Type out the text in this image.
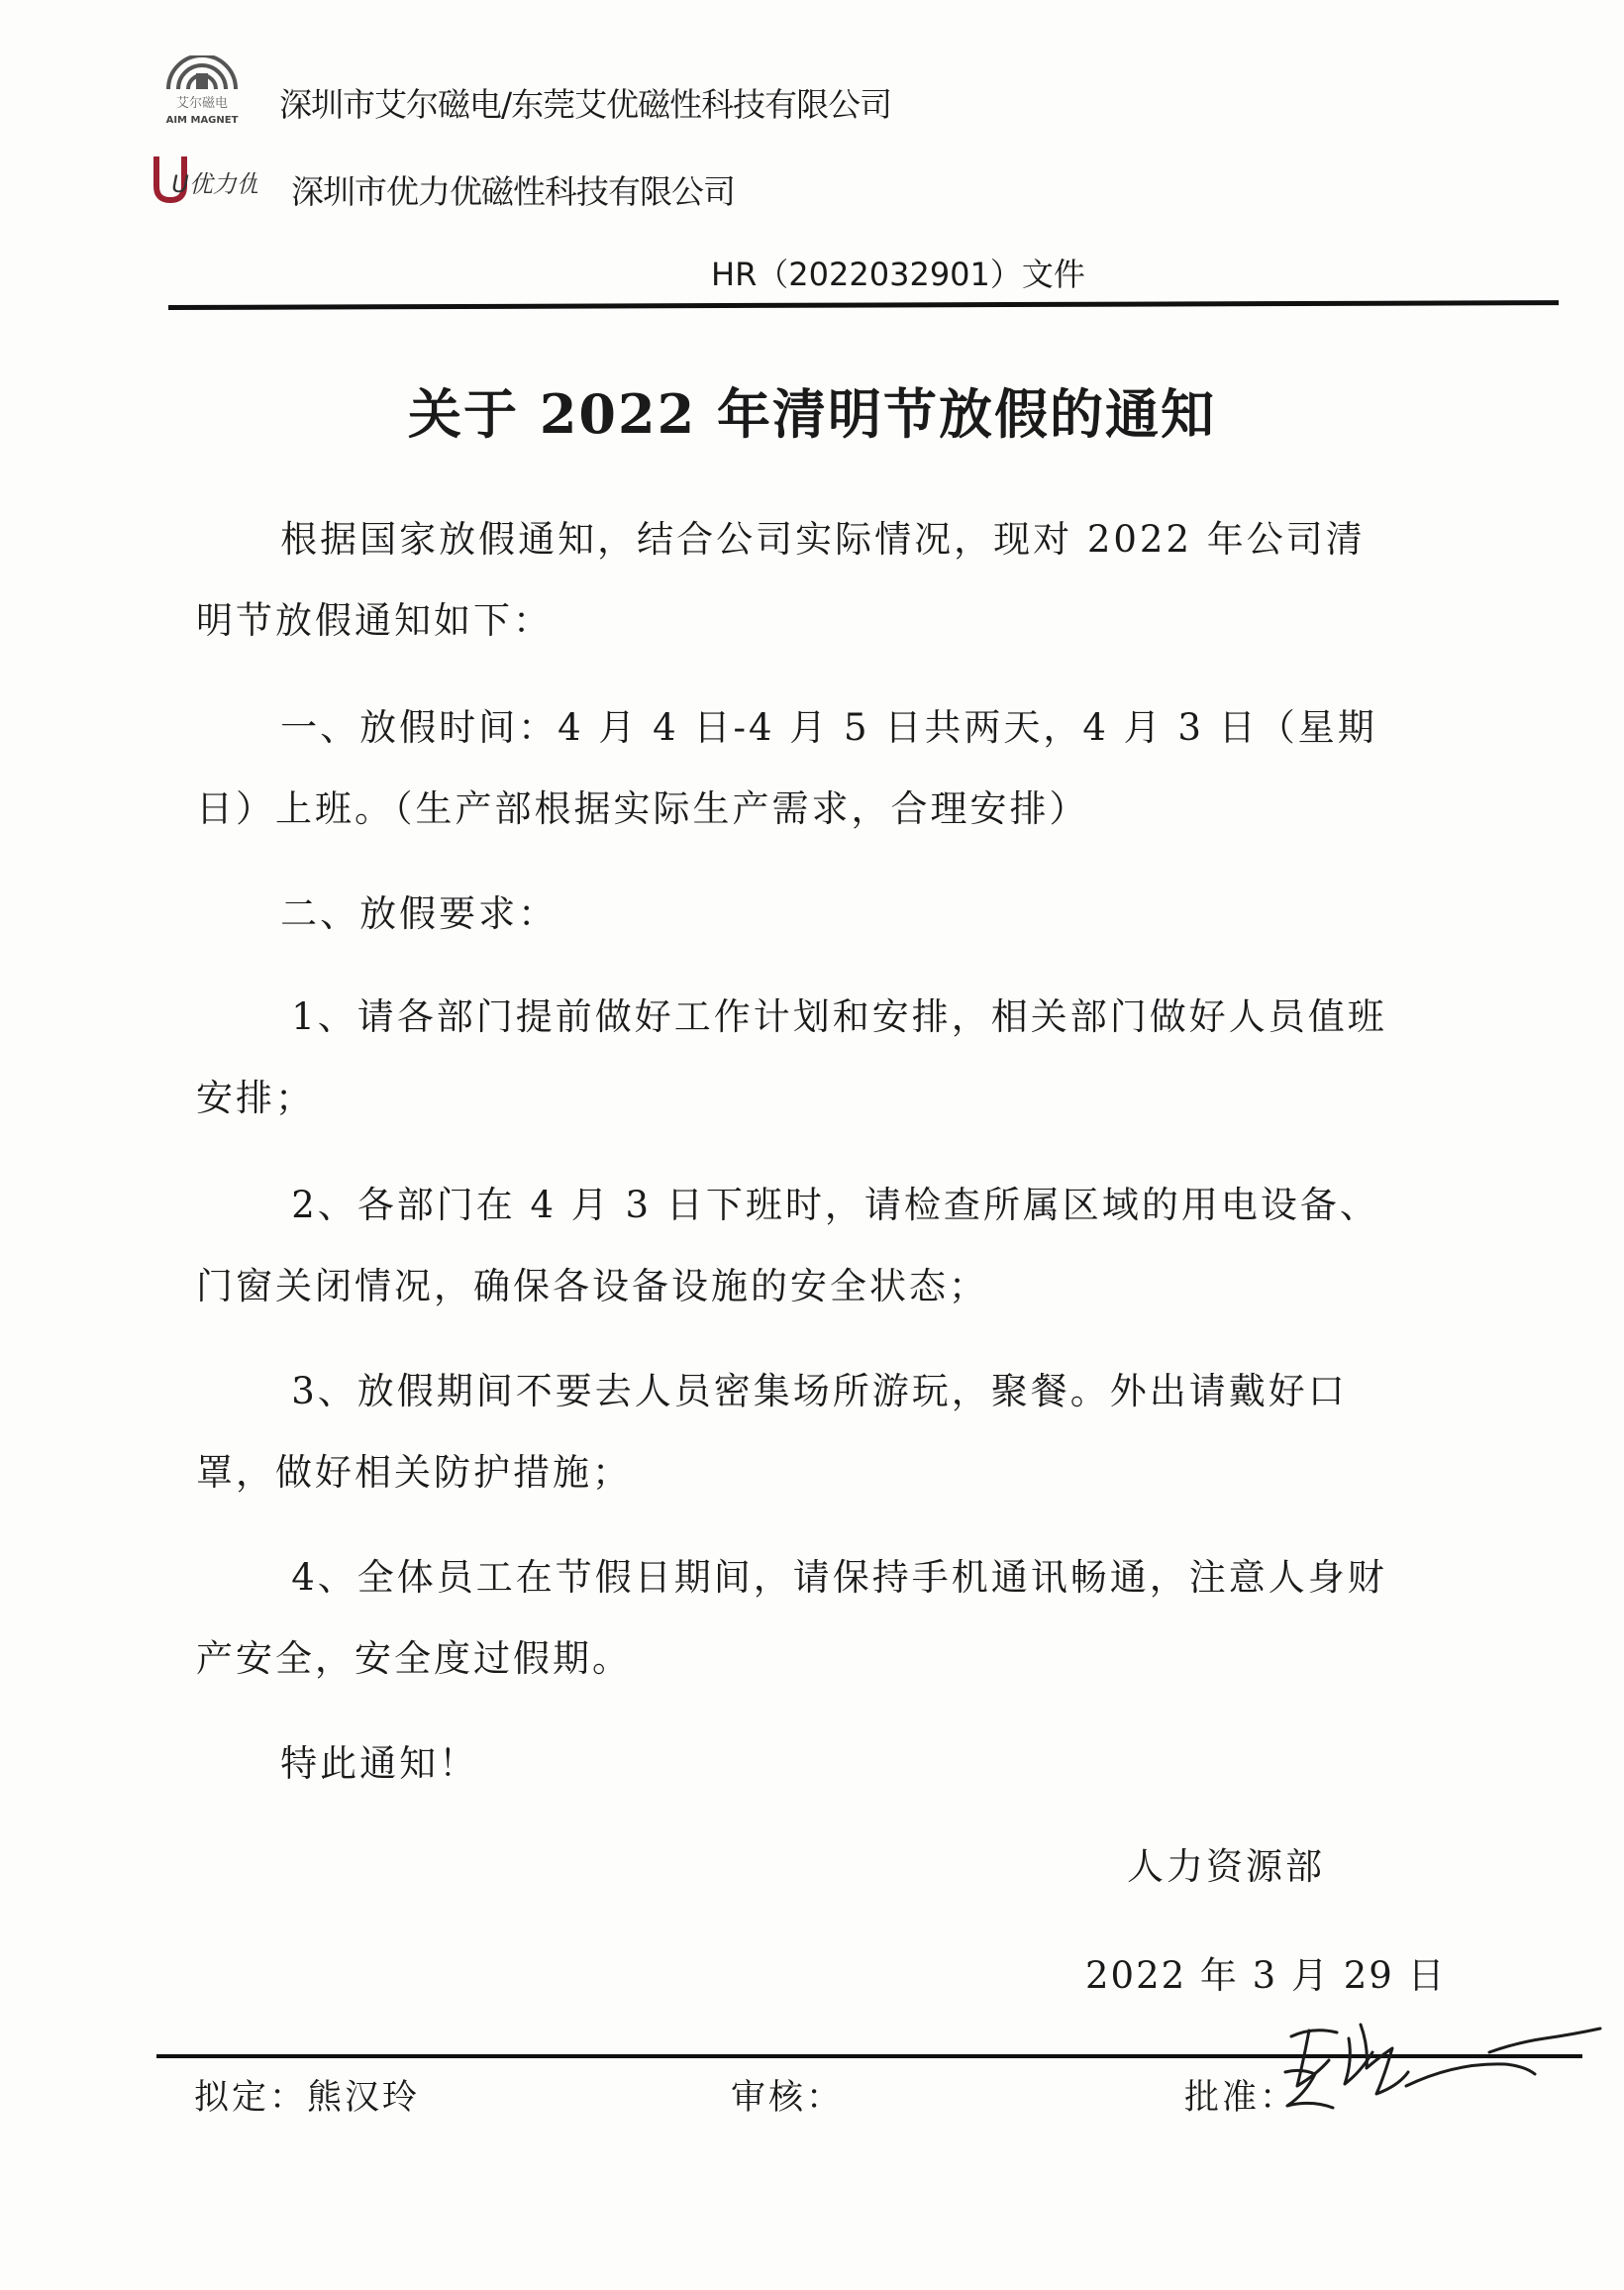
艾尔磁电
AIM MAGNET 深圳市艾尔磁电/东莞艾优磁性科技有限公司
U优力优 深圳市优力优磁性科技有限公司
HR（2022032901）文件
关于 2022 年清明节放假的通知

根据国家放假通知，结合公司实际情况，现对 2022 年公司清明节放假通知如下：

一、放假时间：4 月 4 日-4 月 5 日共两天，4 月 3 日（星期日）上班。（生产部根据实际生产需求，合理安排）

二、放假要求：

1、请各部门提前做好工作计划和安排，相关部门做好人员值班安排；

2、各部门在 4 月 3 日下班时，请检查所属区域的用电设备、门窗关闭情况，确保各设备设施的安全状态；

3、放假期间不要去人员密集场所游玩，聚餐。外出请戴好口罩，做好相关防护措施；

4、全体员工在节假日期间，请保持手机通讯畅通，注意人身财产安全，安全度过假期。

特此通知！

人力资源部
2022 年 3 月 29 日
拟定：熊汉玲	审核：	批准：
